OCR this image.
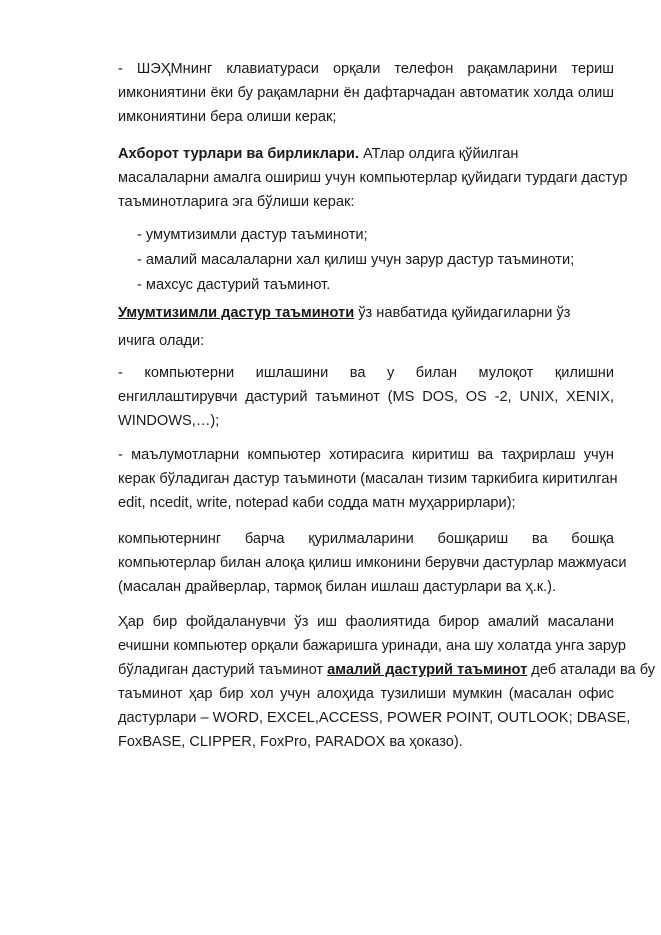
- ШЭҲМнинг клавиатураси орқали телефон рақамларини териш
имкониятини ёки бу рақамларни ён дафтарчадан автоматик холда олиш
имкониятини бера олиши керак;
Ахборот турлари ва бирликлари. АТлар олдига қўйилган
масалаларни амалга ошириш учун компьютерлар қуйидаги турдаги дастур
таъминотларига эга бўлиши керак:
- умумтизимли дастур таъминоти;
- амалий масалаларни хал қилиш учун зарур дастур таъминоти;
- махсус дастурий таъминот.
Умумтизимли дастур таъминоти ўз навбатида қуйидагиларни ўз
ичига олади:
- компьютерни ишлашини ва у билан мулоқот қилишни
енгиллаштирувчи дастурий таъминот (MS DOS, OS -2, UNIX, XENIX,
WINDOWS,…);
- маълумотларни компьютер хотирасига киритиш ва таҳрирлаш учун
керак бўладиган дастур таъминоти (масалан тизим таркибига киритилган
edit, ncedit, write, notepad каби содда матн муҳаррирлари);
компьютернинг барча қурилмаларини бошқариш ва бошқа
компьютерлар билан алоқа қилиш имконини берувчи дастурлар мажмуаси
(масалан драйверлар, тармоқ билан ишлаш дастурлари ва ҳ.к.).
Ҳар бир фойдаланувчи ўз иш фаолиятида бирор амалий масалани
ечишни компьютер орқали бажаришга уринади, ана шу холатда унга зарур
бўладиган дастурий таъминот амалий дастурий таъминот деб аталади ва бу
таъминот ҳар бир хол учун алоҳида тузилиши мумкин (масалан офис
дастурлари – WORD, EXCEL,ACCESS, POWER POINT, OUTLOOK; DBASE,
FoxBASE, CLIPPER, FoxPro, PARADOX ва ҳоказо).
